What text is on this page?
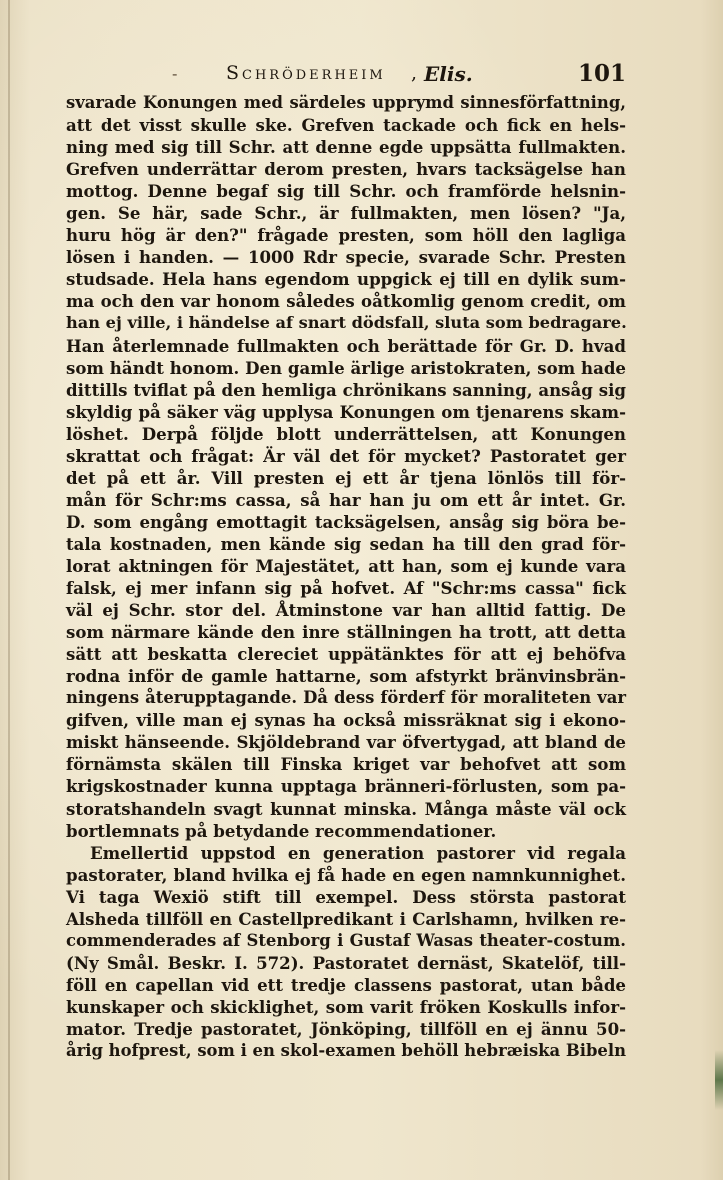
-	Schröderheim , Elis.	101
svarade Konungen med särdeles upprymd sinnesförfattning,
att det visst skulle ske. Grefven tackade och fick en hels-
ning med sig till Schr. att denne egde uppsätta fullmakten.
Grefven underrättar derom presten, hvars tacksägelse han
mottog. Denne begaf sig till Schr. och framförde helsnin-
gen. Se här, sade Schr., är fullmakten, men lösen? "Ja,
huru hög är den?" frågade presten, som höll den lagliga
lösen i handen. — 1000 Rdr specie, svarade Schr. Presten
studsade. Hela hans egendom uppgick ej till en dylik sum-
ma och den var honom således oåtkomlig genom credit, om
han ej ville, i händelse af snart dödsfall, sluta som bedragare.
Han återlemnade fullmakten och berättade för Gr. D. hvad
som händt honom. Den gamle ärlige aristokraten, som hade
dittills tviflat på den hemliga chrönikans sanning, ansåg sig
skyldig på säker väg upplysa Konungen om tjenarens skam-
löshet. Derpå följde blott underrättelsen, att Konungen
skrattat och frågat: Är väl det för mycket? Pastoratet ger
det på ett år. Vill presten ej ett år tjena lönlös till för-
mån för Schr:ms cassa, så har han ju om ett år intet. Gr.
D. som engång emottagit tacksägelsen, ansåg sig böra be-
tala kostnaden, men kände sig sedan ha till den grad för-
lorat aktningen för Majestätet, att han, som ej kunde vara
falsk, ej mer infann sig på hofvet. Af "Schr:ms cassa" fick
väl ej Schr. stor del. Åtminstone var han alltid fattig. De
som närmare kände den inre ställningen ha trott, att detta
sätt att beskatta clereciet uppätänktes för att ej behöfva
rodna inför de gamle hattarne, som afstyrkt bränvinsbrän-
ningens återupptagande. Då dess förderf för moraliteten var
gifven, ville man ej synas ha också missräknat sig i ekono-
miskt hänseende. Skjöldebrand var öfvertygad, att bland de
förnämsta skälen till Finska kriget var behofvet att som
krigskostnader kunna upptaga bränneri-förlusten, som pa-
storatshandeln svagt kunnat minska. Många måste väl ock
bortlemnats på betydande recommendationer.
Emellertid uppstod en generation pastorer vid regala
pastorater, bland hvilka ej få hade en egen namnkunnighet.
Vi taga Wexiö stift till exempel. Dess största pastorat
Alsheda tillföll en Castellpredikant i Carlshamn, hvilken re-
commenderades af Stenborg i Gustaf Wasas theater-costum.
(Ny Smål. Beskr. I. 572). Pastoratet dernäst, Skatelöf, till-
föll en capellan vid ett tredje classens pastorat, utan både
kunskaper och skicklighet, som varit fröken Koskulls infor-
mator. Tredje pastoratet, Jönköping, tillföll en ej ännu 50-
årig hofprest, som i en skol-examen behöll hebræiska Bibeln
